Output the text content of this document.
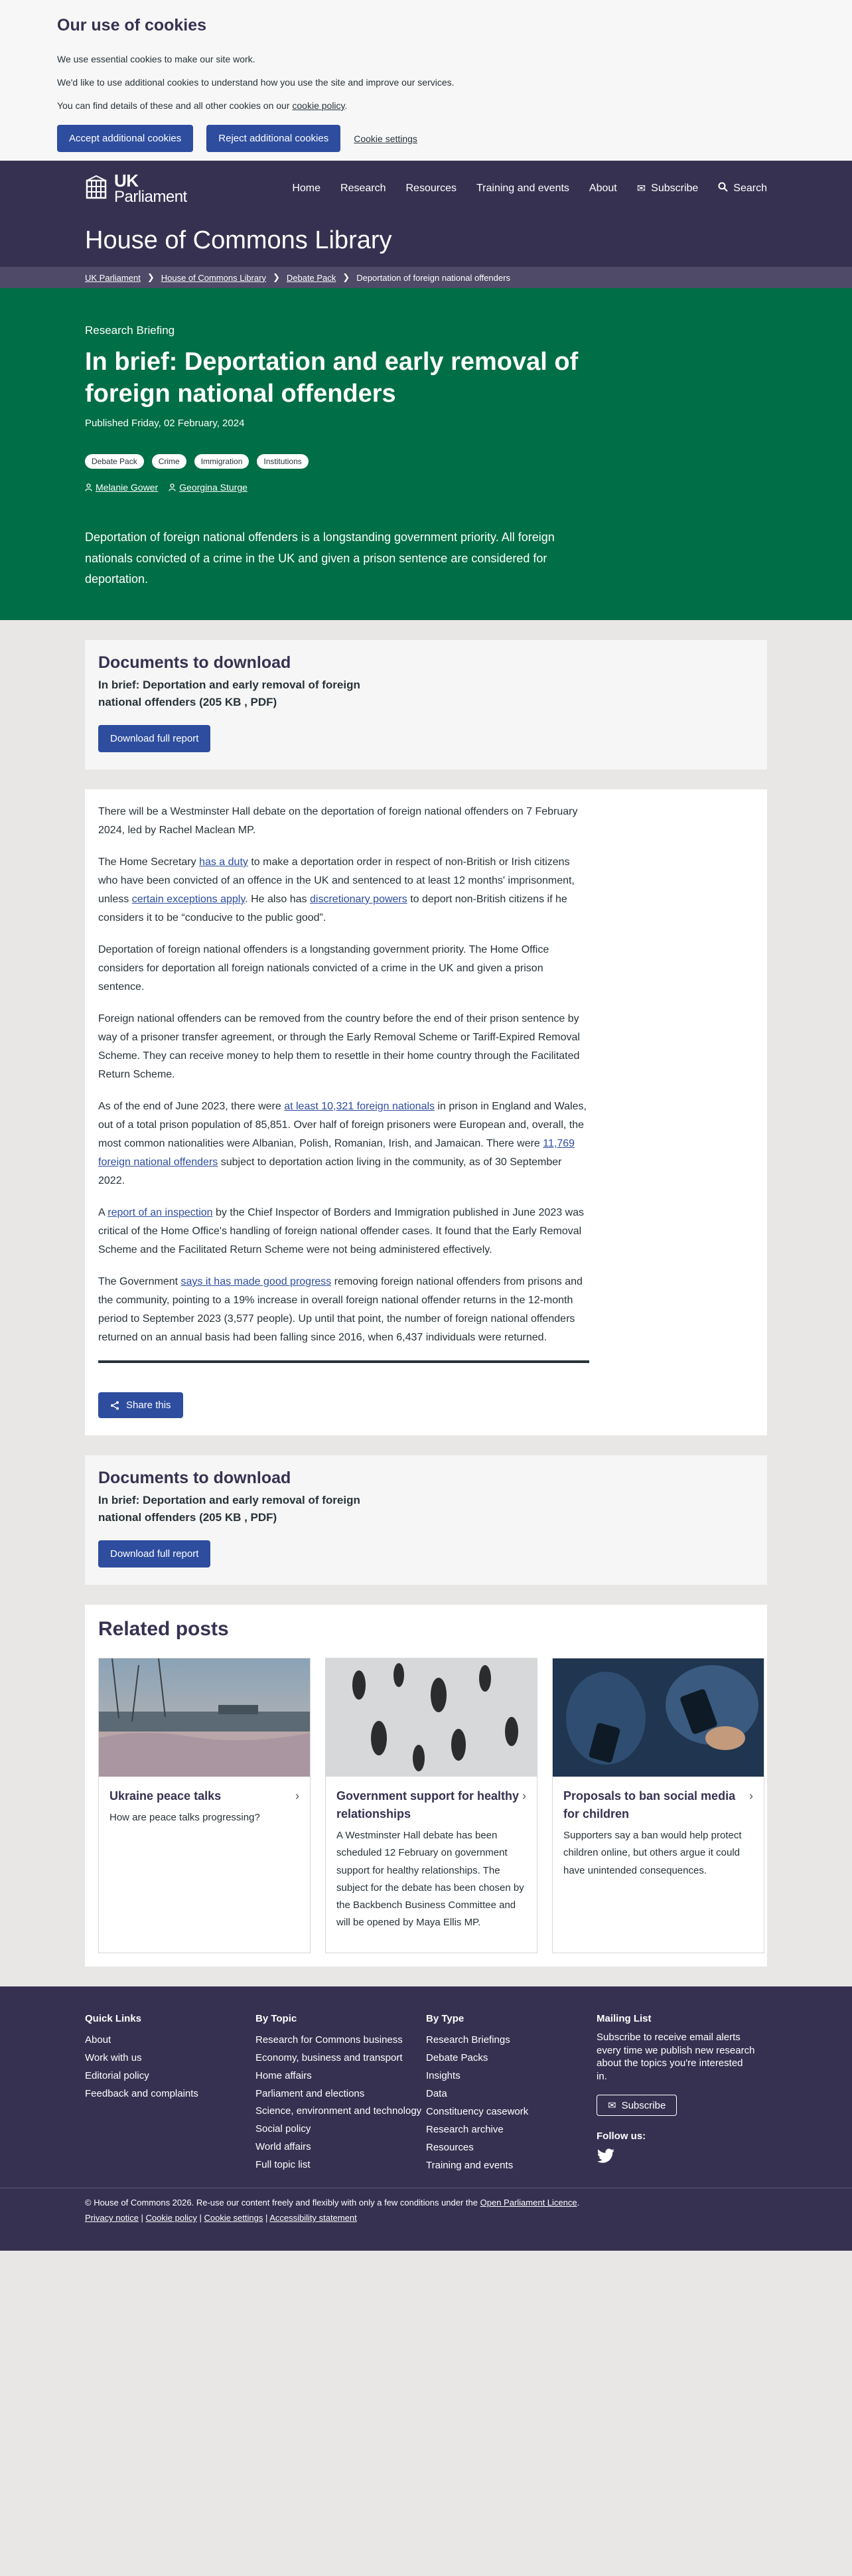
Our use of cookies

We use essential cookies to make our site work.

We'd like to use additional cookies to understand how you use the site and improve our services.

You can find details of these and all other cookies on our cookie policy.

Accept additional cookies	Reject additional cookies	Cookie settings
UK
Parliament	Home Research Resources Training and events About ✉ Subscribe	Search
House of Commons Library
UK Parliament ❯ House of Commons Library ❯ Debate Pack ❯ Deportation of foreign national offenders
Research Briefing
In brief: Deportation and early removal of foreign national offenders
Published Friday, 02 February, 2024
Debate Pack	Crime	Immigration	Institutions
Melanie Gower Georgina Sturge

Deportation of foreign national offenders is a longstanding government priority. All foreign nationals convicted of a crime in the UK and given a prison sentence are considered for deportation.

Documents to download
In brief: Deportation and early removal of foreign national offenders (205 KB , PDF)
Download full report

There will be a Westminster Hall debate on the deportation of foreign national offenders on 7 February 2024, led by Rachel Maclean MP.

The Home Secretary has a duty to make a deportation order in respect of non-British or Irish citizens who have been convicted of an offence in the UK and sentenced to at least 12 months' imprisonment, unless certain exceptions apply. He also has discretionary powers to deport non-British citizens if he considers it to be “conducive to the public good”.

Deportation of foreign national offenders is a longstanding government priority. The Home Office considers for deportation all foreign nationals convicted of a crime in the UK and given a prison sentence.

Foreign national offenders can be removed from the country before the end of their prison sentence by way of a prisoner transfer agreement, or through the Early Removal Scheme or Tariff-Expired Removal Scheme. They can receive money to help them to resettle in their home country through the Facilitated Return Scheme.

As of the end of June 2023, there were at least 10,321 foreign nationals in prison in England and Wales, out of a total prison population of 85,851. Over half of foreign prisoners were European and, overall, the most common nationalities were Albanian, Polish, Romanian, Irish, and Jamaican. There were 11,769 foreign national offenders subject to deportation action living in the community, as of 30 September 2022.

A report of an inspection by the Chief Inspector of Borders and Immigration published in June 2023 was critical of the Home Office's handling of foreign national offender cases. It found that the Early Removal Scheme and the Facilitated Return Scheme were not being administered effectively.

The Government says it has made good progress removing foreign national offenders from prisons and the community, pointing to a 19% increase in overall foreign national offender returns in the 12-month period to September 2023 (3,577 people). Up until that point, the number of foreign national offenders returned on an annual basis had been falling since 2016, when 6,437 individuals were returned.

Share this
Documents to download
In brief: Deportation and early removal of foreign national offenders (205 KB , PDF)
Download full report
Related posts
Ukraine peace talks	›
How are peace talks progressing?
Government support for healthy relationships
›
A Westminster Hall debate has been scheduled 12 February on government support for healthy relationships. The subject for the debate has been chosen by the Backbench Business Committee and will be opened by Maya Ellis MP.
Proposals to ban social media for children
›
Supporters say a ban would help protect children online, but others argue it could have unintended consequences.
Quick Links
About
Work with us
Editorial policy
Feedback and complaints
By Topic
Research for Commons business
Economy, business and transport
Home affairs
Parliament and elections
Science, environment and technology
Social policy
World affairs
Full topic list
By Type
Research Briefings
Debate Packs
Insights
Data
Constituency casework
Research archive
Resources
Training and events
Mailing List

Subscribe to receive email alerts every time we publish new research about the topics you're interested in.

✉ Subscribe
Follow us:

© House of Commons 2026. Re-use our content freely and flexibly with only a few conditions under the Open Parliament Licence.

Privacy notice | Cookie policy | Cookie settings | Accessibility statement
